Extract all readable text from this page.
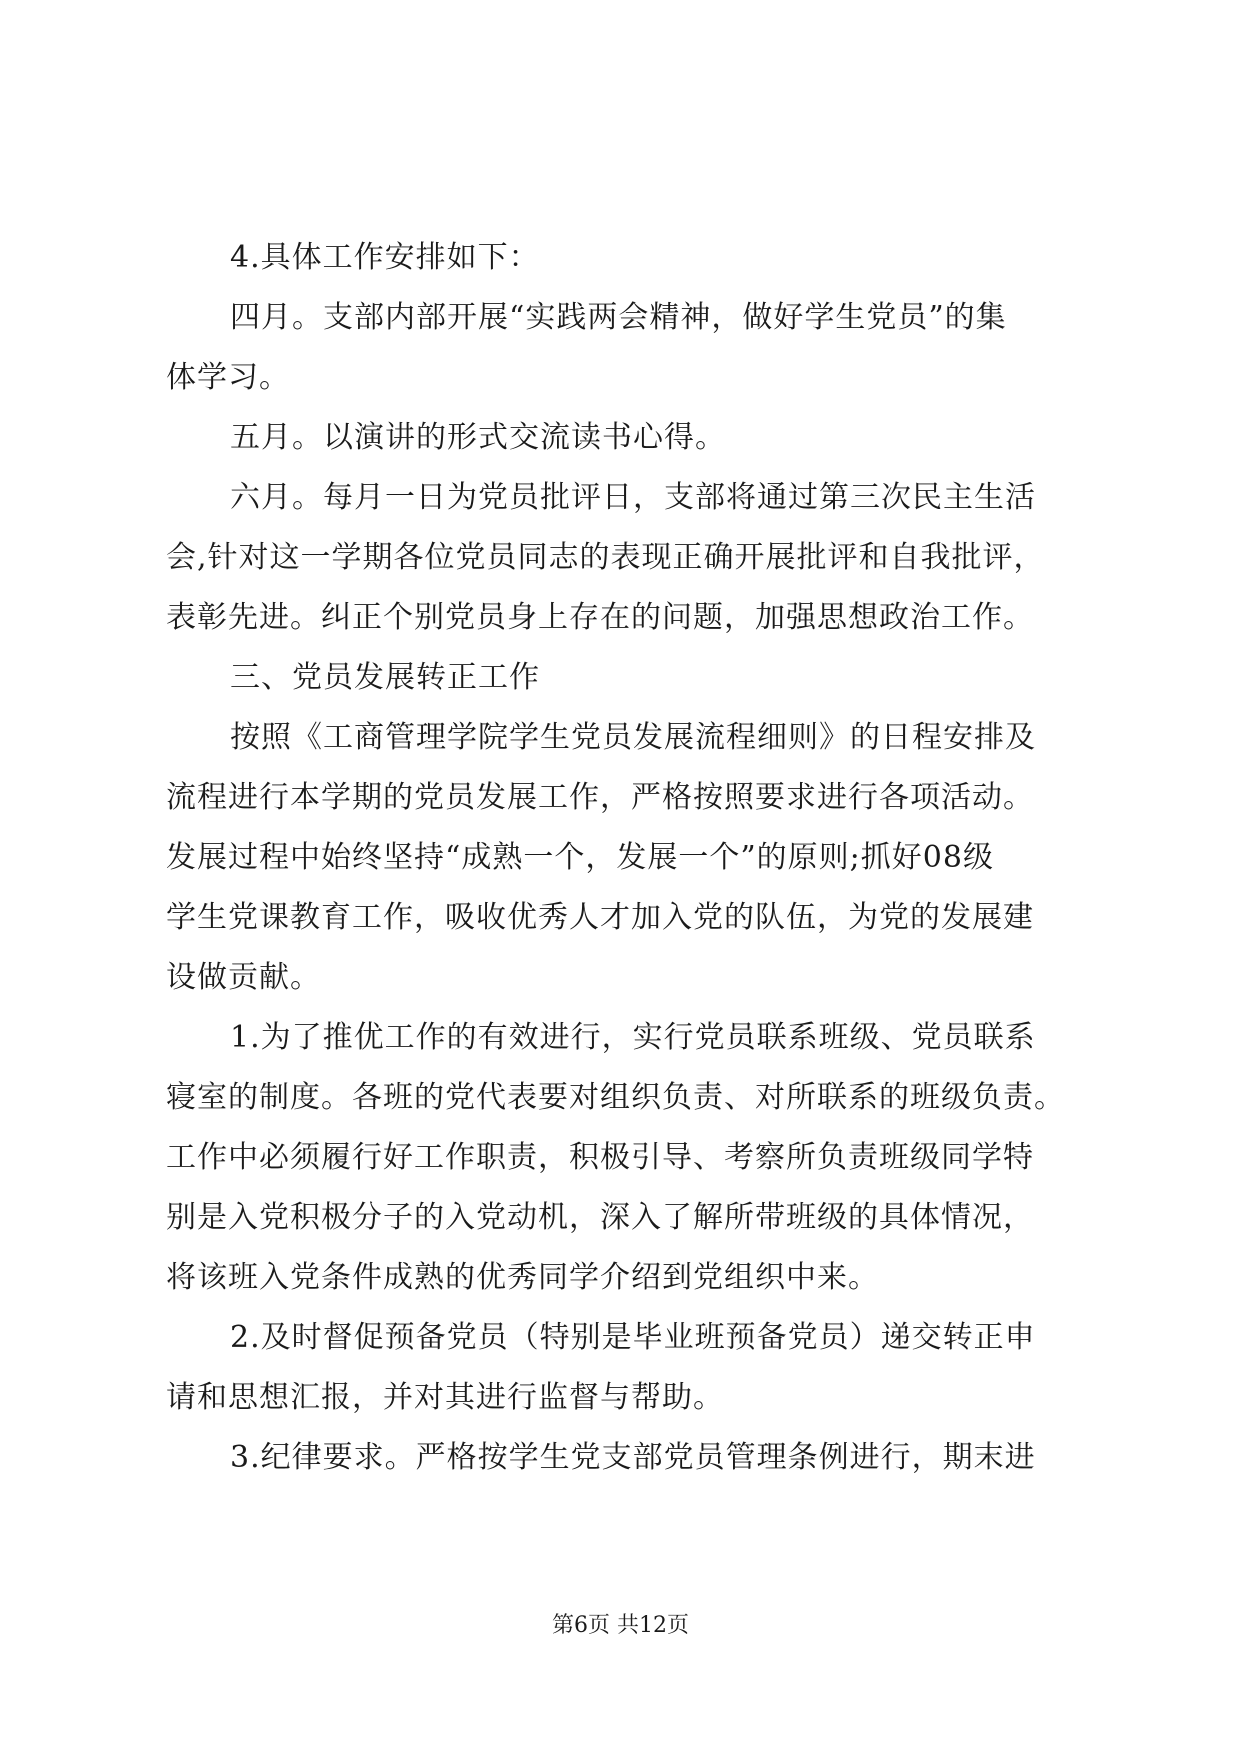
4.具体工作安排如下：
四月。支部内部开展“实践两会精神，做好学生党员”的集
体学习。
五月。以演讲的形式交流读书心得。
六月。每月一日为党员批评日，支部将通过第三次民主生活
会,针对这一学期各位党员同志的表现正确开展批评和自我批评，
表彰先进。纠正个别党员身上存在的问题，加强思想政治工作。
三、党员发展转正工作
按照《工商管理学院学生党员发展流程细则》的日程安排及
流程进行本学期的党员发展工作，严格按照要求进行各项活动。
发展过程中始终坚持“成熟一个，发展一个”的原则;抓好08级
学生党课教育工作，吸收优秀人才加入党的队伍，为党的发展建
设做贡献。
1.为了推优工作的有效进行，实行党员联系班级、党员联系
寝室的制度。各班的党代表要对组织负责、对所联系的班级负责。
工作中必须履行好工作职责，积极引导、考察所负责班级同学特
别是入党积极分子的入党动机，深入了解所带班级的具体情况，
将该班入党条件成熟的优秀同学介绍到党组织中来。
2.及时督促预备党员（特别是毕业班预备党员）递交转正申
请和思想汇报，并对其进行监督与帮助。
3.纪律要求。严格按学生党支部党员管理条例进行，期末进
第6页 共12页
